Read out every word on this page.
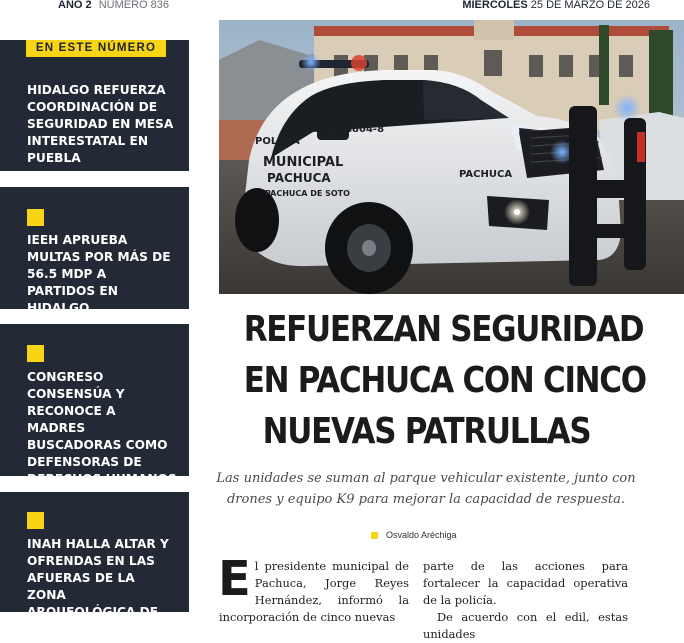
AÑO 2 NÚMERO 836	MIÉRCOLES 25 DE MARZO DE 2026
EN ESTE NÚMERO
HIDALGO REFUERZA COORDINACIÓN DE SEGURIDAD EN MESA INTERESTATAL EN PUEBLA
IEEH APRUEBA MULTAS POR MÁS DE 56.5 MDP A PARTIDOS EN HIDALGO
CONGRESO CONSENSÚA Y RECONOCE A MADRES BUSCADORAS COMO DEFENSORAS DE DERECHOS HUMANOS
INAH HALLA ALTAR Y OFRENDAS EN LAS AFUERAS DE LA ZONA ARQUEOLÓGICA DE TULA
HC-4804-8
POLICÍA
MUNICIPAL
PACHUCA
PACHUCA DE SOTO
PACHUCA
REFUERZAN SEGURIDAD
EN PACHUCA CON CINCO
NUEVAS PATRULLAS
Las unidades se suman al parque vehicular existente, junto con drones y equipo K9 para mejorar la capacidad de respuesta.
Osvaldo Aréchiga
E l presidente municipal de Pachuca, Jorge Reyes Hernández, informó la incorporación de cinco nuevas

parte de las acciones para fortalecer la capacidad operativa de la policía.

De acuerdo con el edil, estas unidades
